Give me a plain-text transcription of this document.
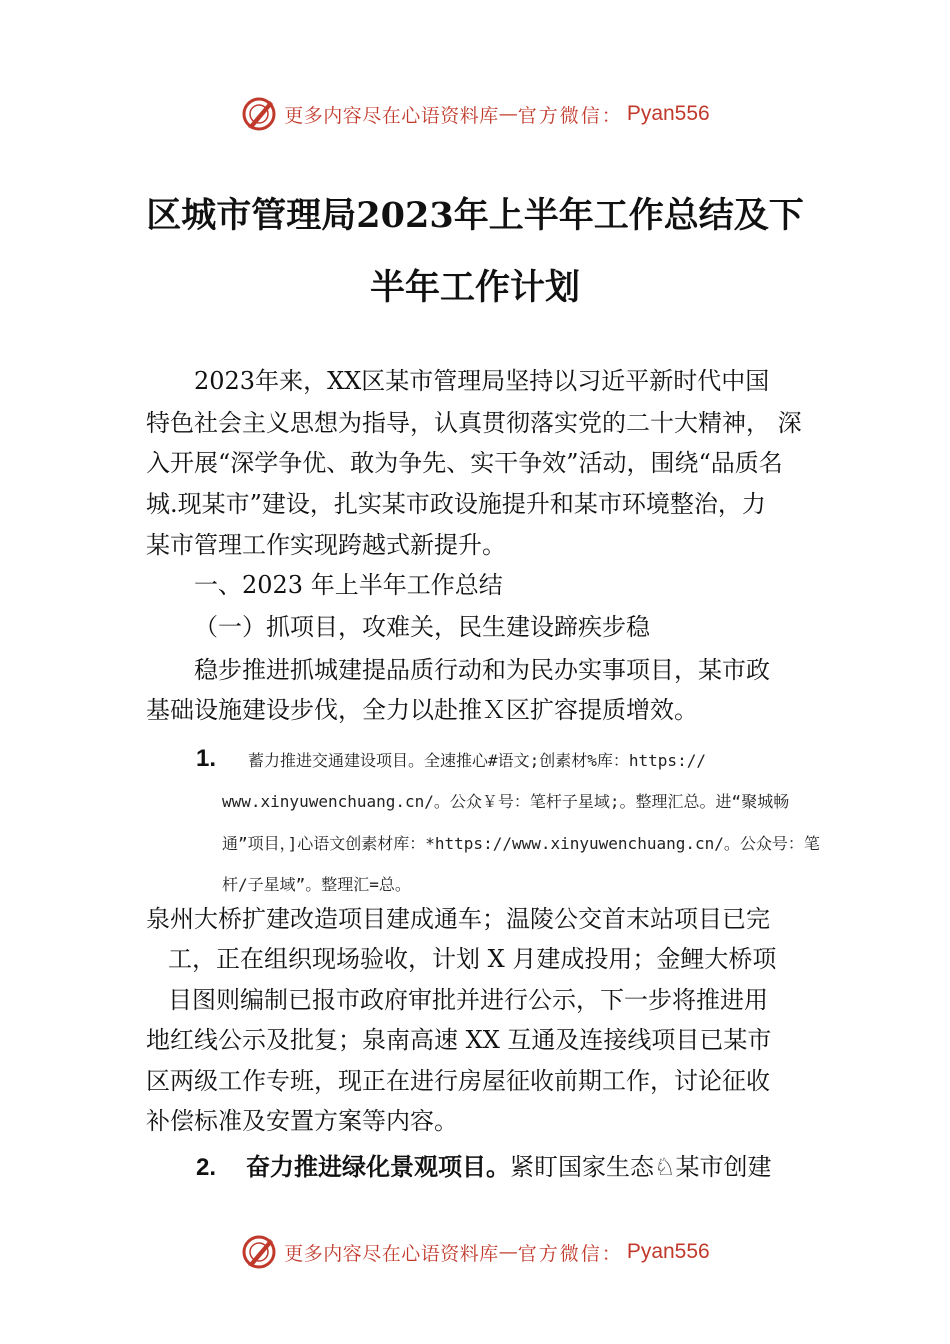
更多内容尽在心语资料库 — 官方微信： Pyan556
区城市管理局2023年上半年工作总结及下
半年工作计划
2023年来，XX区某市管理局坚持以习近平新时代中国
特色社会主义思想为指导，认真贯彻落实党的二十大精神， 深
入开展“深学争优、敢为争先、实干争效”活动，围绕“品质名
城.现某市”建设，扎实某市政设施提升和某市环境整治，力
某市管理工作实现跨越式新提升。
一、2023 年上半年工作总结
（一）抓项目，攻难关，民生建设蹄疾步稳
稳步推进抓城建提品质行动和为民办实事项目，某市政
基础设施建设步伐，全力以赴推Ｘ区扩容提质增效。
1. 蓄力推进交通建设项目。全速推心#语文;创素材%库：https://
www.xinyuwenchuang.cn/。公众￥号：笔杆子星域;。整理汇总。进“聚城畅
通”项目，]心语文创素材库：*https://www.xinyuwenchuang.cn/。公众号：笔
杆/子星域”。整理汇=总。
泉州大桥扩建改造项目建成通车；温陵公交首末站项目已完
工，正在组织现场验收，计划 X 月建成投用；金鲤大桥项
目图则编制已报市政府审批并进行公示，下一步将推进用
地红线公示及批复；泉南高速 XX 互通及连接线项目已某市
区两级工作专班，现正在进行房屋征收前期工作，讨论征收
补偿标准及安置方案等内容。
2. 奋力推进绿化景观项目。紧盯国家生态♘某市创建
更多内容尽在心语资料库 — 官方微信： Pyan556
